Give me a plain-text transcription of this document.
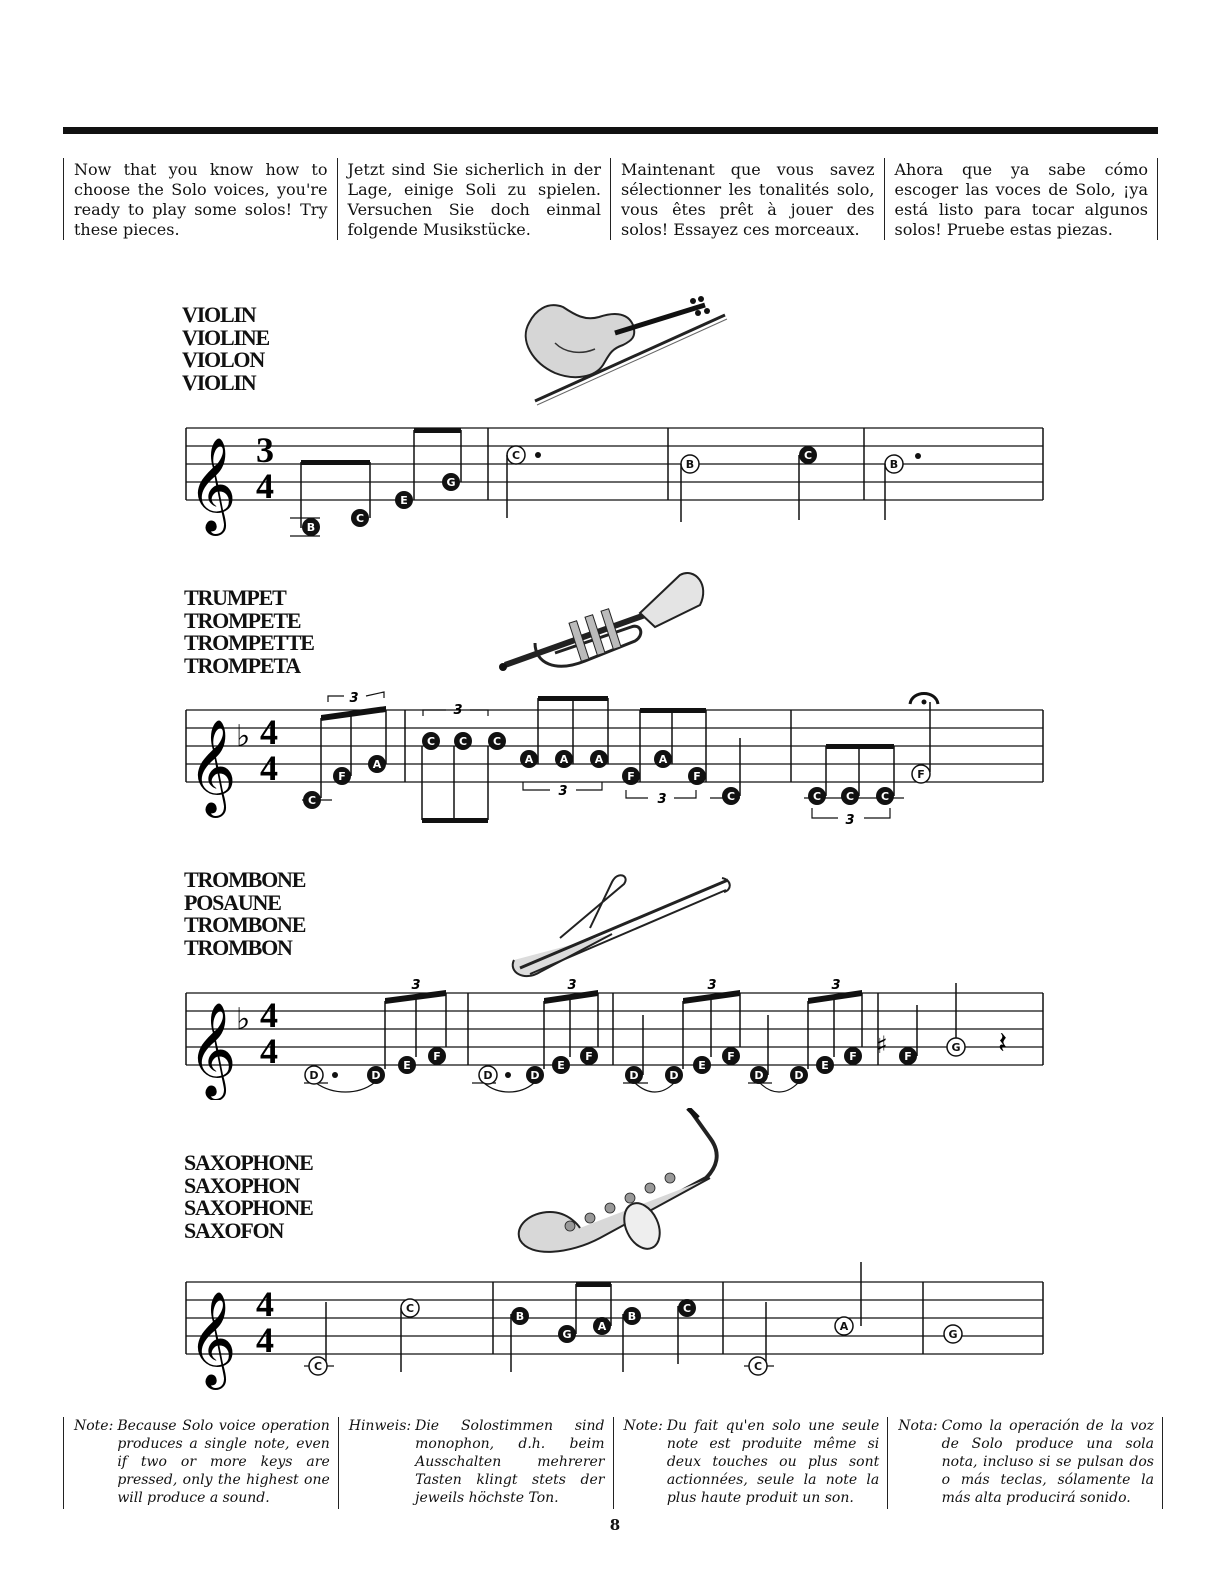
Now that you know how to choose the Solo voices, you're ready to play some solos! Try these pieces.
Jetzt sind Sie sicherlich in der Lage, einige Soli zu spielen. Versuchen Sie doch einmal folgende Musikstücke.
Maintenant que vous savez sélectionner les tonalités solo, vous êtes prêt à jouer des solos! Essayez ces morceaux.
Ahora que ya sabe cómo escoger las voces de Solo, ¡ya está listo para tocar algunos solos! Pruebe estas piezas.
VIOLIN
VIOLINE
VIOLON
VIOLIN
𝄞 3
4
B
C
E
G
C
B
C
B
TRUMPET
TROMPETE
TROMPETTE
TROMPETA
𝄞 ♭ 4
4
3
3
3
3
3
C
F
A
C C C
A A A
F
A
F
C	C C C
F
TROMBONE
POSAUNE
TROMBONE
TROMBON
𝄞 ♭ 4
4
3	3	3	3
♯	𝄽
D	D
E
F
D	D
E
F
D	D
E
F
D	D
E
F	F
G
SAXOPHONE
SAXOPHON
SAXOPHONE
SAXOFON
𝄞 4
4
C
C
B
G
A
B
C
C
A
G
Note: Because Solo voice operation produces a single note, even if two or more keys are pressed, only the highest one will produce a sound.
Hinweis: Die Solostimmen sind monophon, d.h. beim Ausschalten mehrerer Tasten klingt stets der jeweils höchste Ton.
Note: Du fait qu'en solo une seule note est produite même si deux touches ou plus sont actionnées, seule la note la plus haute produit un son.
Nota: Como la operación de la voz de Solo produce una sola nota, incluso si se pulsan dos o más teclas, sólamente la más alta producirá sonido.
8
